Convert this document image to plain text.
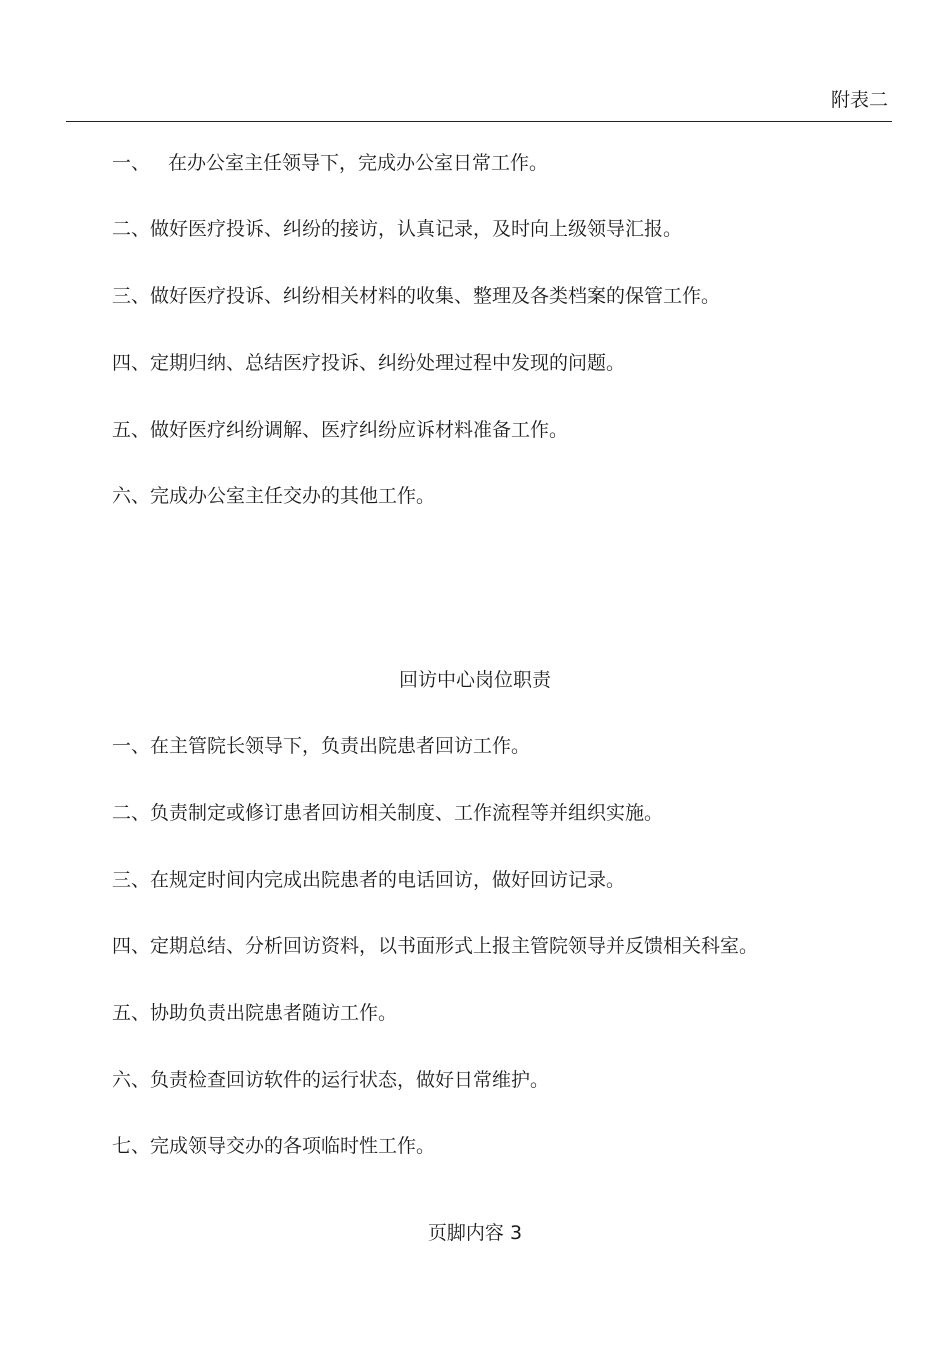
附表二
一、 在办公室主任领导下，完成办公室日常工作。
二、做好医疗投诉、纠纷的接访，认真记录，及时向上级领导汇报。
三、做好医疗投诉、纠纷相关材料的收集、整理及各类档案的保管工作。
四、定期归纳、总结医疗投诉、纠纷处理过程中发现的问题。
五、做好医疗纠纷调解、医疗纠纷应诉材料准备工作。
六、完成办公室主任交办的其他工作。
回访中心岗位职责
一、在主管院长领导下，负责出院患者回访工作。
二、负责制定或修订患者回访相关制度、工作流程等并组织实施。
三、在规定时间内完成出院患者的电话回访，做好回访记录。
四、定期总结、分析回访资料，以书面形式上报主管院领导并反馈相关科室。
五、协助负责出院患者随访工作。
六、负责检查回访软件的运行状态，做好日常维护。
七、完成领导交办的各项临时性工作。
页脚内容 3
